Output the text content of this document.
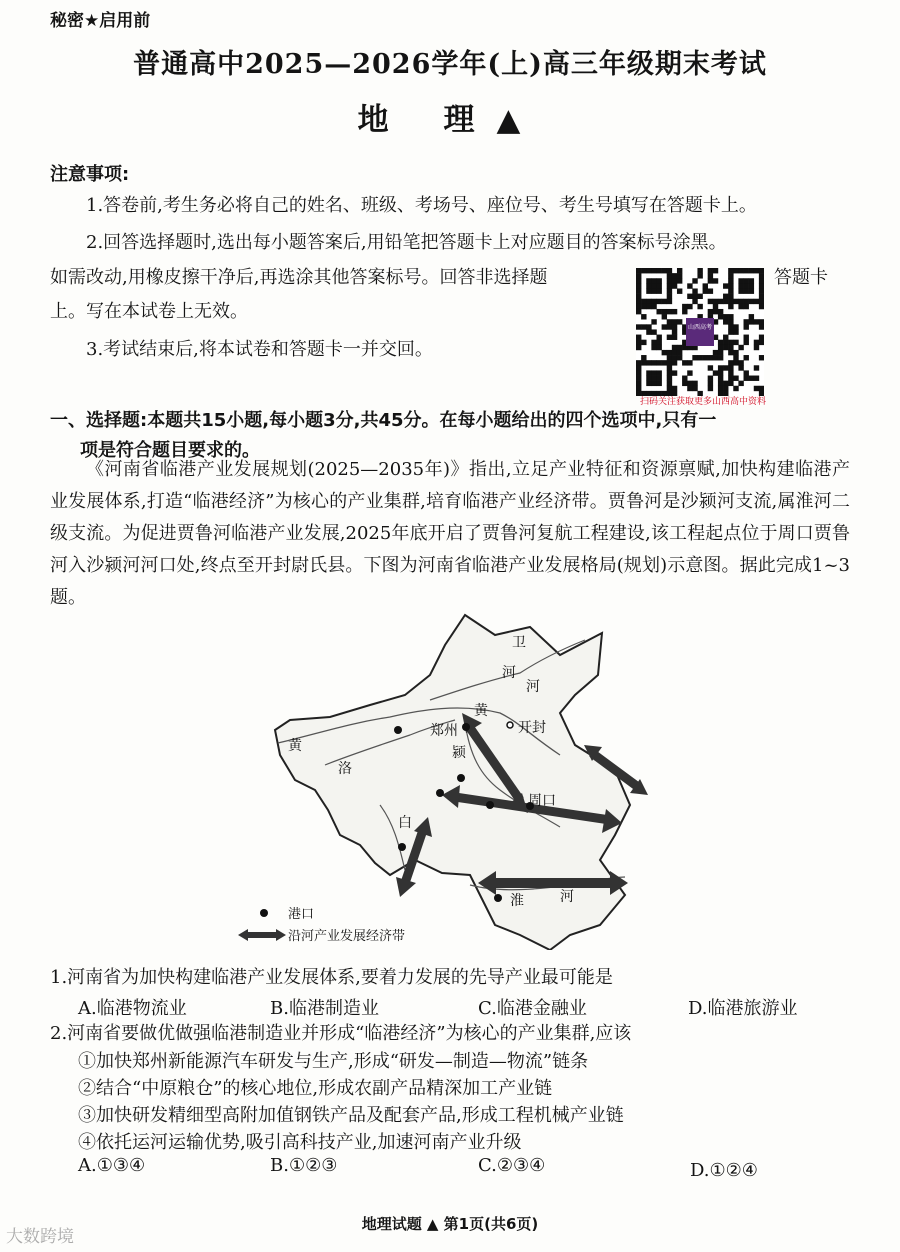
秘密★启用前
普通高中2025—2026学年(上)高三年级期末考试
地 理▲
注意事项:
1.答卷前,考生务必将自己的姓名、班级、考场号、座位号、考生号填写在答题卡上。
2.回答选择题时,选出每小题答案后,用铅笔把答题卡上对应题目的答案标号涂黑。
如需改动,用橡皮擦干净后,再选涂其他答案标号。回答非选择题	答题卡
上。写在本试卷上无效。
3.考试结束后,将本试卷和答题卡一并交回。
山西高考
扫码关注获取更多山西高中资料
一、选择题:本题共15小题,每小题3分,共45分。在每小题给出的四个选项中,只有一
项是符合题目要求的。
《河南省临港产业发展规划(2025—2035年)》指出,立足产业特征和资源禀赋,加快构建临港产业发展体系,打造“临港经济”为核心的产业集群,培育临港产业经济带。贾鲁河是沙颍河支流,属淮河二级支流。为促进贾鲁河临港产业发展,2025年底开启了贾鲁河复航工程建设,该工程起点位于周口贾鲁河入沙颍河河口处,终点至开封尉氏县。下图为河南省临港产业发展格局(规划)示意图。据此完成1~3题。
卫
河
河
黄
黄
洛
白
颍
淮	河
郑州	开封
周口
港口
沿河产业发展经济带
1.河南省为加快构建临港产业发展体系,要着力发展的先导产业最可能是
A.临港物流业	B.临港制造业	C.临港金融业	D.临港旅游业
2.河南省要做优做强临港制造业并形成“临港经济”为核心的产业集群,应该
①加快郑州新能源汽车研发与生产,形成“研发—制造—物流”链条
②结合“中原粮仓”的核心地位,形成农副产品精深加工产业链
③加快研发精细型高附加值钢铁产品及配套产品,形成工程机械产业链
④依托运河运输优势,吸引高科技产业,加速河南产业升级
A.①③④	B.①②③	C.②③④	D.①②④
地理试题 ▲ 第1页(共6页)
大数跨境
